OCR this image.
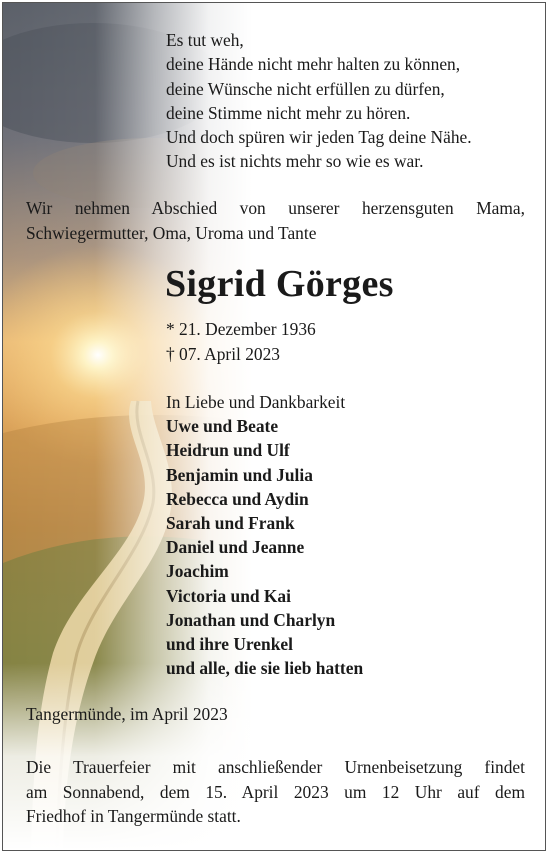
Es tut weh,
deine Hände nicht mehr halten zu können,
deine Wünsche nicht erfüllen zu dürfen,
deine Stimme nicht mehr zu hören.
Und doch spüren wir jeden Tag deine Nähe.
Und es ist nichts mehr so wie es war.
Wir nehmen Abschied von unserer herzensguten Mama, Schwiegermutter, Oma, Uroma und Tante
Sigrid Görges
* 21. Dezember 1936
† 07. April 2023
In Liebe und Dankbarkeit
Uwe und Beate
Heidrun und Ulf
Benjamin und Julia
Rebecca und Aydin
Sarah und Frank
Daniel und Jeanne
Joachim
Victoria und Kai
Jonathan und Charlyn
und ihre Urenkel
und alle, die sie lieb hatten
Tangermünde, im April 2023
Die Trauerfeier mit anschließender Urnenbeisetzung findet
am Sonnabend, dem 15. April 2023 um 12 Uhr auf dem
Friedhof in Tangermünde statt.
